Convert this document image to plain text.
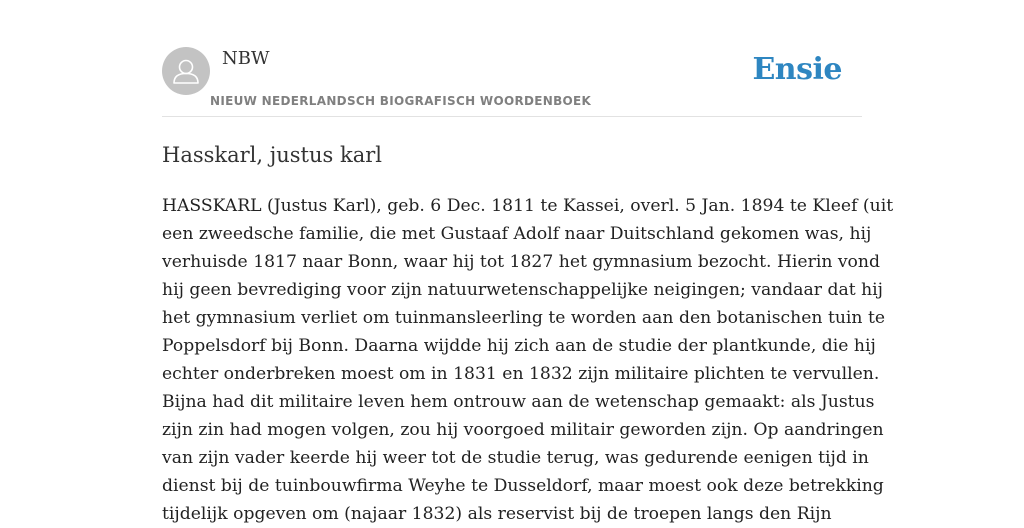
NBW
NIEUW NEDERLANDSCH BIOGRAFISCH WOORDENBOEK
Ensie
Hasskarl, justus karl

HASSKARL (Justus Karl), geb. 6 Dec. 1811 te Kassei, overl. 5 Jan. 1894 te Kleef (uit
een zweedsche familie, die met Gustaaf Adolf naar Duitschland gekomen was, hij
verhuisde 1817 naar Bonn, waar hij tot 1827 het gymnasium bezocht. Hierin vond
hij geen bevrediging voor zijn natuurwetenschappelijke neigingen; vandaar dat hij
het gymnasium verliet om tuinmansleerling te worden aan den botanischen tuin te
Poppelsdorf bij Bonn. Daarna wijdde hij zich aan de studie der plantkunde, die hij
echter onderbreken moest om in 1831 en 1832 zijn militaire plichten te vervullen.
Bijna had dit militaire leven hem ontrouw aan de wetenschap gemaakt: als Justus
zijn zin had mogen volgen, zou hij voorgoed militair geworden zijn. Op aandringen
van zijn vader keerde hij weer tot de studie terug, was gedurende eenigen tijd in
dienst bij de tuinbouwfirma Weyhe te Dusseldorf, maar moest ook deze betrekking
tijdelijk opgeven om (najaar 1832) als reservist bij de troepen langs den Rijn
